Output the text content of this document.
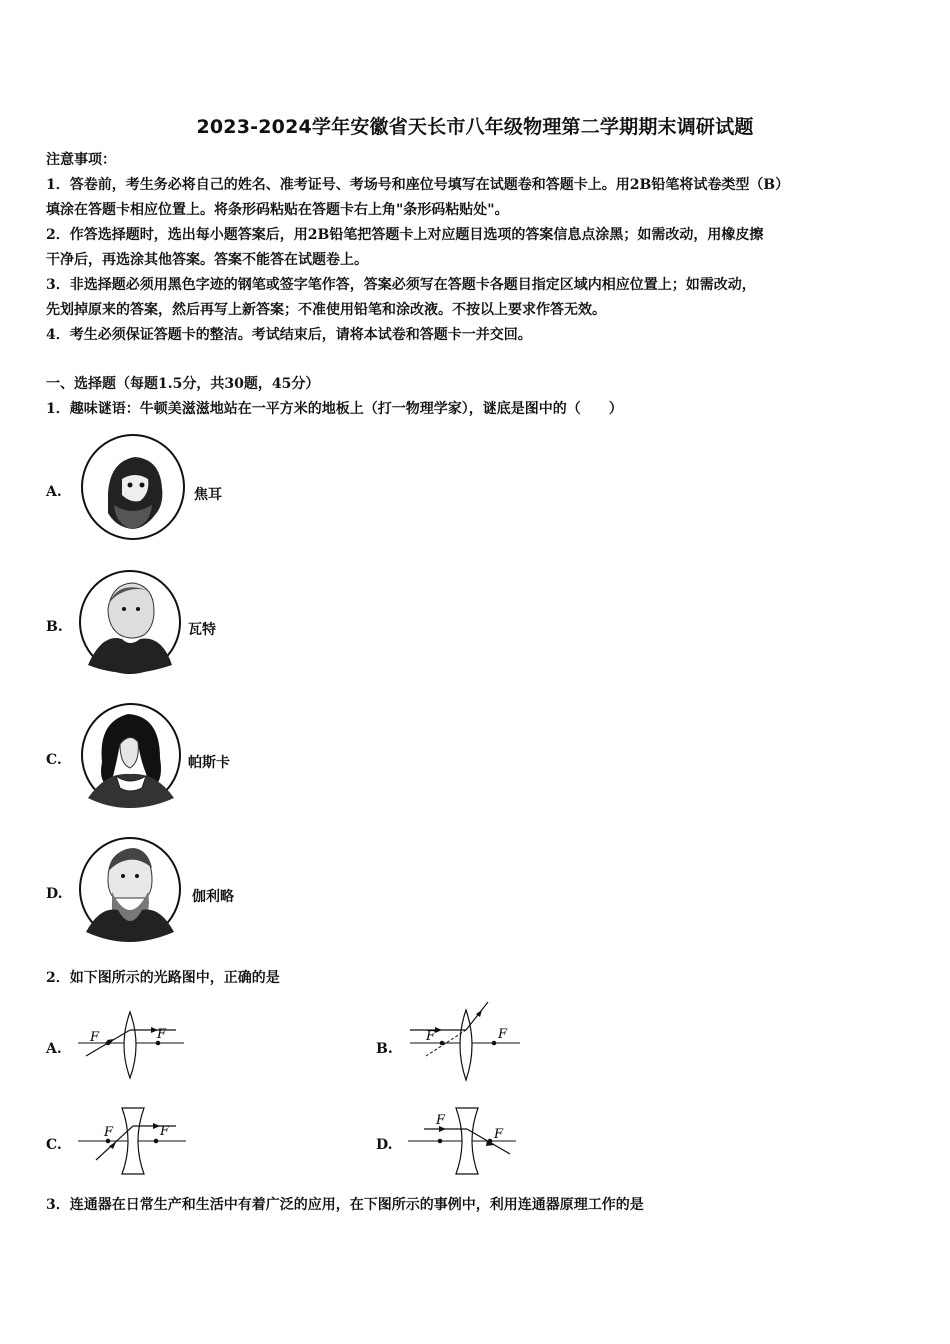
2023-2024学年安徽省天长市八年级物理第二学期期末调研试题
注意事项：
1．答卷前，考生务必将自己的姓名、准考证号、考场号和座位号填写在试题卷和答题卡上。用2B铅笔将试卷类型（B）
填涂在答题卡相应位置上。将条形码粘贴在答题卡右上角"条形码粘贴处"。
2．作答选择题时，选出每小题答案后，用2B铅笔把答题卡上对应题目选项的答案信息点涂黑；如需改动，用橡皮擦
干净后，再选涂其他答案。答案不能答在试题卷上。
3．非选择题必须用黑色字迹的钢笔或签字笔作答，答案必须写在答题卡各题目指定区域内相应位置上；如需改动，
先划掉原来的答案，然后再写上新答案；不准使用铅笔和涂改液。不按以上要求作答无效。
4．考生必须保证答题卡的整洁。考试结束后，请将本试卷和答题卡一并交回。
一、选择题（每题1.5分，共30题，45分）
1．趣味谜语：牛顿美滋滋地站在一平方米的地板上（打一物理学家），谜底是图中的（　　）
A.	焦耳
B.	瓦特
C.	帕斯卡
D.	伽利略
2．如下图所示的光路图中，正确的是
A.
F	F
B.
F	F
C.
F	F
D.
F
F
3．连通器在日常生产和生活中有着广泛的应用，在下图所示的事例中，利用连通器原理工作的是
